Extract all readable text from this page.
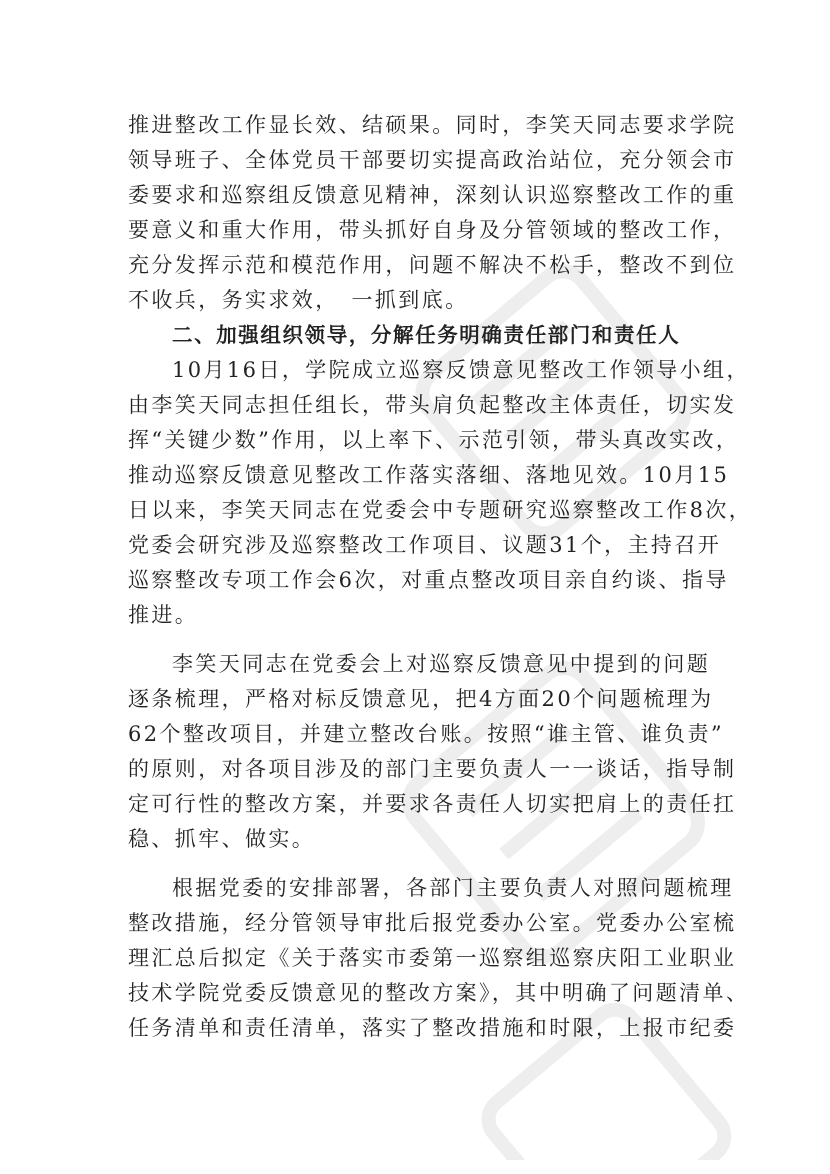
推进整改工作显长效、结硕果。同时，李笑天同志要求学院
领导班子、全体党员干部要切实提高政治站位，充分领会市
委要求和巡察组反馈意见精神，深刻认识巡察整改工作的重
要意义和重大作用，带头抓好自身及分管领域的整改工作，
充分发挥示范和模范作用，问题不解决不松手，整改不到位
不收兵，务实求效，　一抓到底。
二、加强组织领导，分解任务明确责任部门和责任人
10月16日，学院成立巡察反馈意见整改工作领导小组，
由李笑天同志担任组长，带头肩负起整改主体责任，切实发
挥“关键少数”作用，以上率下、示范引领，带头真改实改，
推动巡察反馈意见整改工作落实落细、落地见效。10月15
日以来，李笑天同志在党委会中专题研究巡察整改工作8次，
党委会研究涉及巡察整改工作项目、议题31个，主持召开
巡察整改专项工作会6次，对重点整改项目亲自约谈、指导
推进。
李笑天同志在党委会上对巡察反馈意见中提到的问题
逐条梳理，严格对标反馈意见，把4方面20个问题梳理为
62个整改项目，并建立整改台账。按照“谁主管、谁负责”
的原则，对各项目涉及的部门主要负责人一一谈话，指导制
定可行性的整改方案，并要求各责任人切实把肩上的责任扛
稳、抓牢、做实。
根据党委的安排部署，各部门主要负责人对照问题梳理
整改措施，经分管领导审批后报党委办公室。党委办公室梳
理汇总后拟定《关于落实市委第一巡察组巡察庆阳工业职业
技术学院党委反馈意见的整改方案》，其中明确了问题清单、
任务清单和责任清单，落实了整改措施和时限，上报市纪委
